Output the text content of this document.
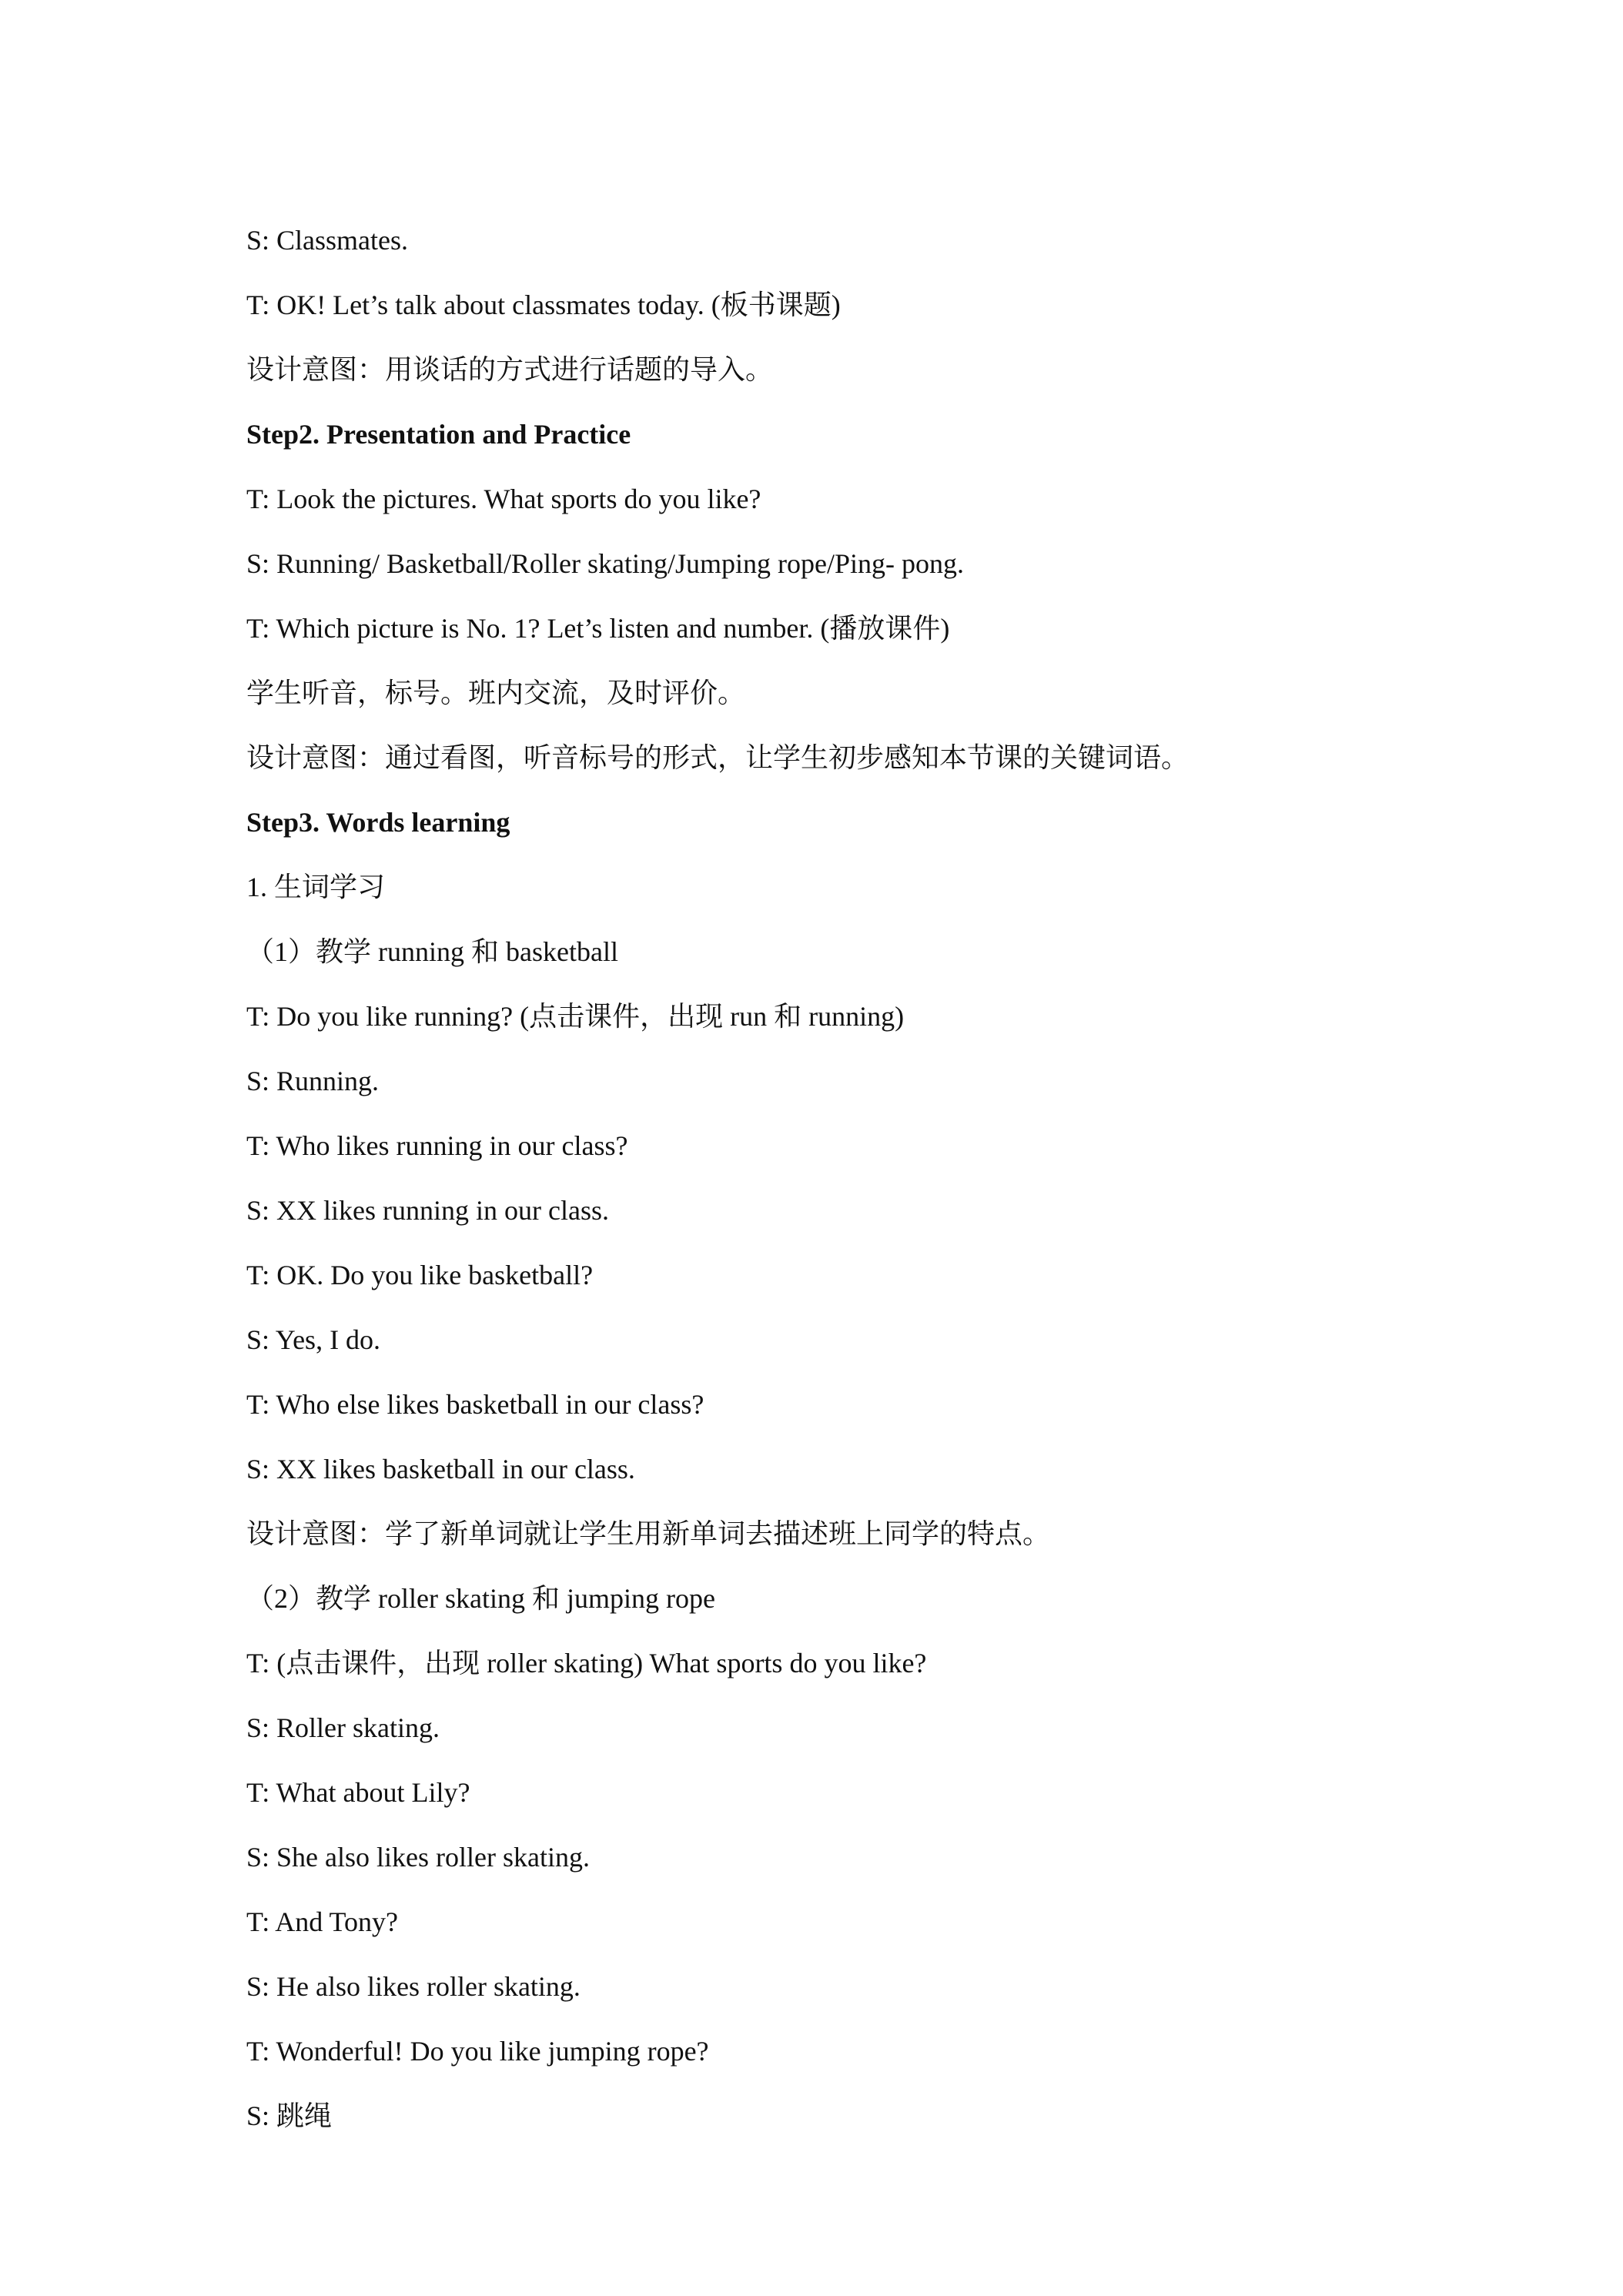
S: Classmates.
T: OK! Let’s talk about classmates today. (板书课题)
设计意图：用谈话的方式进行话题的导入。
Step2. Presentation and Practice
T: Look the pictures. What sports do you like?
S: Running/ Basketball/Roller skating/Jumping rope/Ping- pong.
T: Which picture is No. 1? Let’s listen and number. (播放课件)
学生听音，标号。班内交流，及时评价。
设计意图：通过看图，听音标号的形式，让学生初步感知本节课的关键词语。
Step3. Words learning
1. 生词学习
（1）教学 running 和 basketball
T: Do you like running? (点击课件，出现 run 和 running)
S: Running.
T: Who likes running in our class?
S: XX likes running in our class.
T: OK. Do you like basketball?
S: Yes, I do.
T: Who else likes basketball in our class?
S: XX likes basketball in our class.
设计意图：学了新单词就让学生用新单词去描述班上同学的特点。
（2）教学 roller skating 和 jumping rope
T: (点击课件，出现 roller skating) What sports do you like?
S: Roller skating.
T: What about Lily?
S: She also likes roller skating.
T: And Tony?
S: He also likes roller skating.
T: Wonderful! Do you like jumping rope?
S: 跳绳
